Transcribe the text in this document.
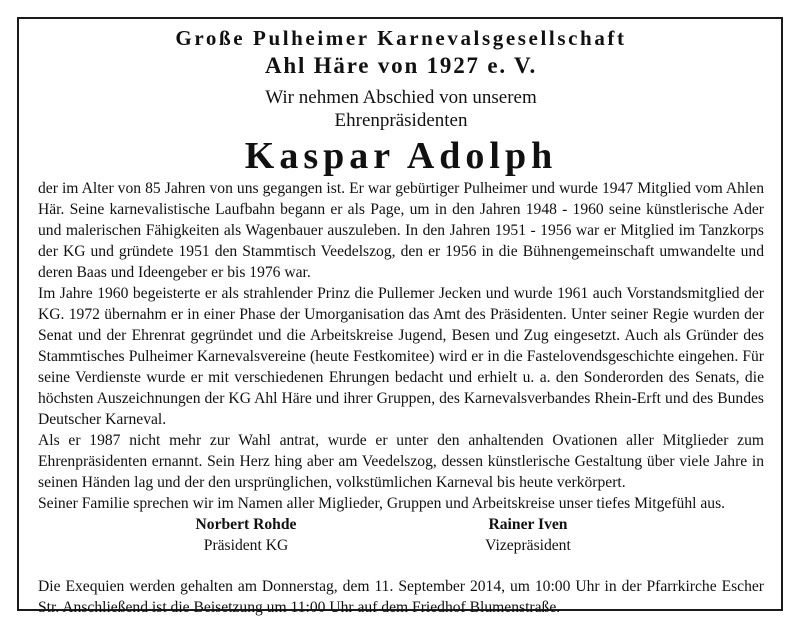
Große Pulheimer Karnevalsgesellschaft
Ahl Häre von 1927 e. V.
Wir nehmen Abschied von unserem
Ehrenpräsidenten
Kaspar Adolph

der im Alter von 85 Jahren von uns gegangen ist. Er war gebürtiger Pulheimer und wurde 1947 Mitglied vom Ahlen Här. Seine karnevalistische Laufbahn begann er als Page, um in den Jahren 1948 - 1960 seine künstlerische Ader und malerischen Fähigkeiten als Wagenbauer auszuleben. In den Jahren 1951 - 1956 war er Mitglied im Tanzkorps der KG und gründete 1951 den Stammtisch Veedelszog, den er 1956 in die Bühnengemeinschaft umwandelte und deren Baas und Ideengeber er bis 1976 war.

Im Jahre 1960 begeisterte er als strahlender Prinz die Pullemer Jecken und wurde 1961 auch Vorstandsmitglied der KG. 1972 übernahm er in einer Phase der Umorganisation das Amt des Präsidenten. Unter seiner Regie wurden der Senat und der Ehrenrat gegründet und die Arbeitskreise Jugend, Besen und Zug eingesetzt. Auch als Gründer des Stammtisches Pulheimer Karnevalsvereine (heute Festkomitee) wird er in die Fastelovendsgeschichte eingehen. Für seine Verdienste wurde er mit verschiedenen Ehrungen bedacht und erhielt u. a. den Sonderorden des Senats, die höchsten Auszeichnungen der KG Ahl Häre und ihrer Gruppen, des Karnevalsverbandes Rhein-Erft und des Bundes Deutscher Karneval.

Als er 1987 nicht mehr zur Wahl antrat, wurde er unter den anhaltenden Ovationen aller Mitglieder zum Ehrenpräsidenten ernannt. Sein Herz hing aber am Veedelszog, dessen künstlerische Gestaltung über viele Jahre in seinen Händen lag und der den ursprünglichen, volkstümlichen Karneval bis heute verkörpert.

Seiner Familie sprechen wir im Namen aller Miglieder, Gruppen und Arbeitskreise unser tiefes Mitgefühl aus.

Norbert Rohde
Präsident KG
Rainer Iven
Vizepräsident
Die Exequien werden gehalten am Donnerstag, dem 11. September 2014, um 10:00 Uhr in der Pfarrkirche Escher Str. Anschließend ist die Beisetzung um 11:00 Uhr auf dem Friedhof Blumenstraße.
